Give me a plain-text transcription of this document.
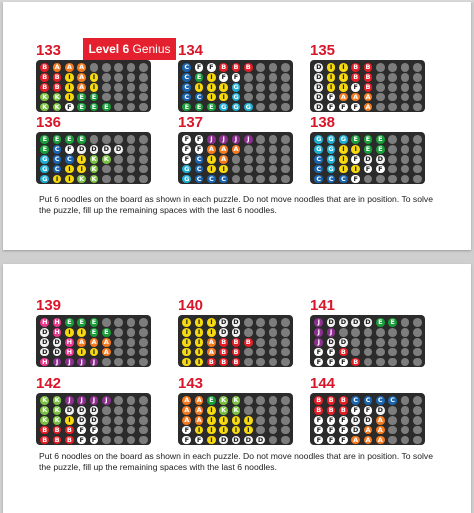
Level 6 Genius
Put 6 noodles on the board as shown in each puzzle. Do not move noodles that are in position. To solve the puzzle, fill up the remaining spaces with the last 6 noodles.
Put 6 noodles on the board as shown in each puzzle. Do not move noodles that are in position. To solve the puzzle, fill up the remaining spaces with the last 6 noodles.
133
B A A A
B B	I	A	I
B B	I	A	I
K K	I	E	E
K K	F	E	E	E
134
C	F	F	B B B
C	E	I	F	F
C	I	I	I	G
C	C	I	I	G
E	E	E	G G G
135
D	I	I	B B
D	I	I	B B
D	I	I	F	B
D	F	A A A
D	F	F	F	A
136
E	E	E	E
E	C	F	D D D D
G	C	C	I	K K
G	C	I	I	K
G	I	I	K K
137
F	F	J	J	J	J
F	F	A A A
F	C	I	A
G	C	I	I
G	C	C	C
138
G G G	E	E	E
G G	I	I	E	E
C	G	I	F	D D
C	G	I	I	F	F
C	C	C	F
139
H H	E	E	E
D H	I	I	E	E
D D H A A A
D D H	I	I	A
H	J	J	J	J
140
I	I	I	D D
I	I	I	D D
I	I	A B B B
I	I	A B B
I	I	B B B
141
J	D D D D	E	E
J	J
J	D D
F	F	B
F	F	F	B
142
K K	J	J	J	J
K K D D D
K K	I	D D
B B B	F	F
B B B	F	F
143
A A	E	K K
A A	I	K K
A A	I	I	I	I
F	I	I	I	I	I
F	F	I	D D D D
144
B B B	C	C	C	C
B B B	F	F	D
F	F	F	D D A
F	F	F	D A A
F	F	F	A A A
